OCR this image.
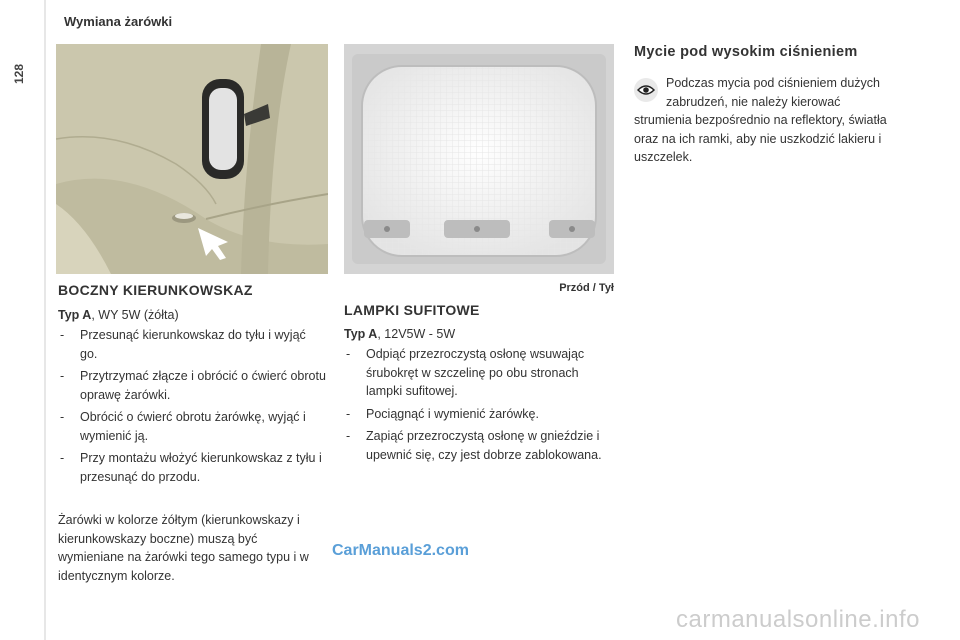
128
Wymiana żarówki
Przód / Tył
BOCZNY KIERUNKOWSKAZ
Typ A, WY 5W (żółta)
- Przesunąć kierunkowskaz do tyłu i wyjąć go.
- Przytrzymać złącze i obrócić o ćwierć obrotu oprawę żarówki.
- Obrócić o ćwierć obrotu żarówkę, wyjąć i wymienić ją.
- Przy montażu włożyć kierunkowskaz z tyłu i przesunąć do przodu.
Żarówki w kolorze żółtym (kierunkowskazy i kierunkowskazy boczne) muszą być wymieniane na żarówki tego samego typu i w identycznym kolorze.
LAMPKI SUFITOWE
Typ A, 12V5W - 5W
- Odpiąć przezroczystą osłonę wsuwając śrubokręt w szczelinę po obu stronach lampki sufitowej.
- Pociągnąć i wymienić żarówkę.
- Zapiąć przezroczystą osłonę w gnieździe i upewnić się, czy jest dobrze zablokowana.
Mycie pod wysokim ciśnieniem
Podczas mycia pod ciśnieniem dużych zabrudzeń, nie należy kierować
strumienia bezpośrednio na reflektory, światła oraz na ich ramki, aby nie uszkodzić lakieru i uszczelek.
CarManuals2.com
carmanualsonline.info
